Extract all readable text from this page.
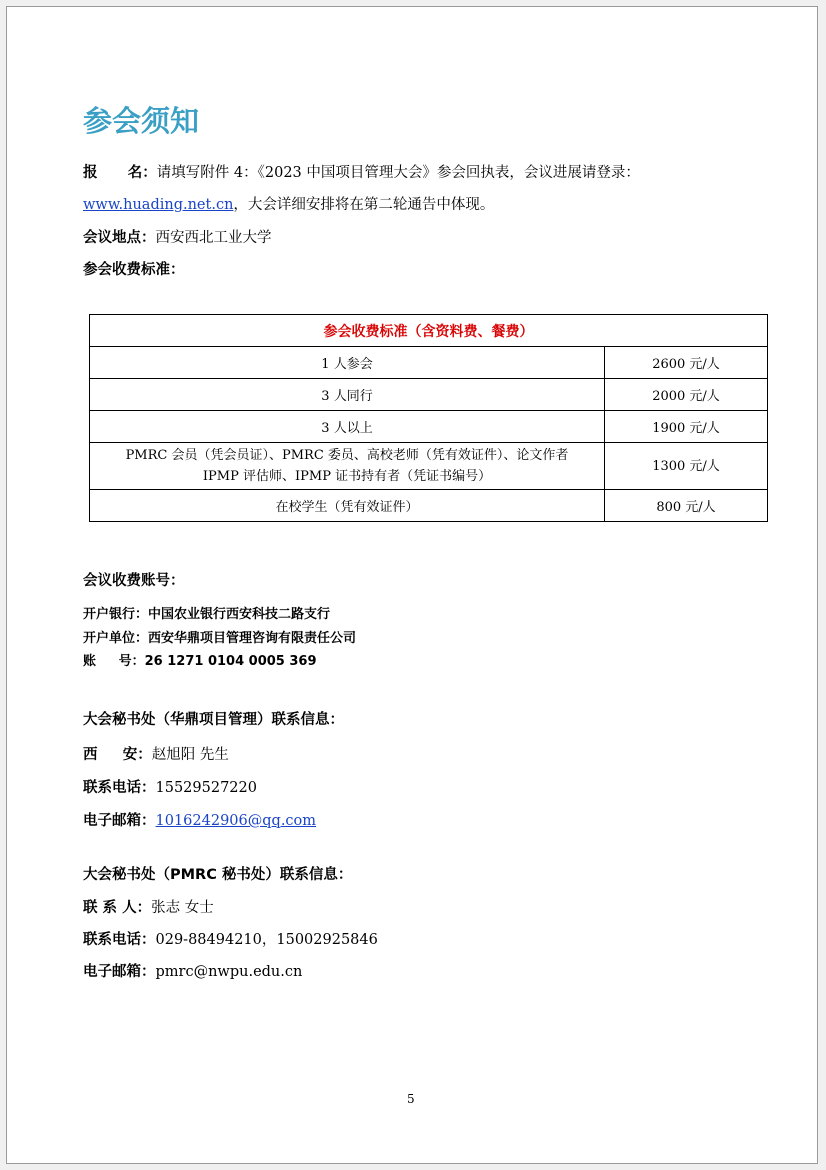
参会须知
报      名：请填写附件 4：《2023 中国项目管理大会》参会回执表，会议进展请登录：
www.huading.net.cn，大会详细安排将在第二轮通告中体现。
会议地点：西安西北工业大学
参会收费标准：
参会收费标准（含资料费、餐费）	
1 人参会	2600 元/人
3 人同行	2000 元/人
3 人以上	1900 元/人

PMRC 会员（凭会员证）、PMRC 委员、高校老师（凭有效证件）、论文作者
IPMP 评估师、IPMP 证书持有者（凭证书编号）	1300 元/人
在校学生（凭有效证件）	800 元/人
会议收费账号：
开户银行：中国农业银行西安科技二路支行
开户单位：西安华鼎项目管理咨询有限责任公司
账     号：26 1271 0104 0005 369
大会秘书处（华鼎项目管理）联系信息：
西     安：赵旭阳 先生
联系电话：15529527220
电子邮箱：1016242906@qq.com
大会秘书处（PMRC 秘书处）联系信息：
联 系 人：张志 女士
联系电话：029-88494210，15002925846
电子邮箱：pmrc@nwpu.edu.cn
5
